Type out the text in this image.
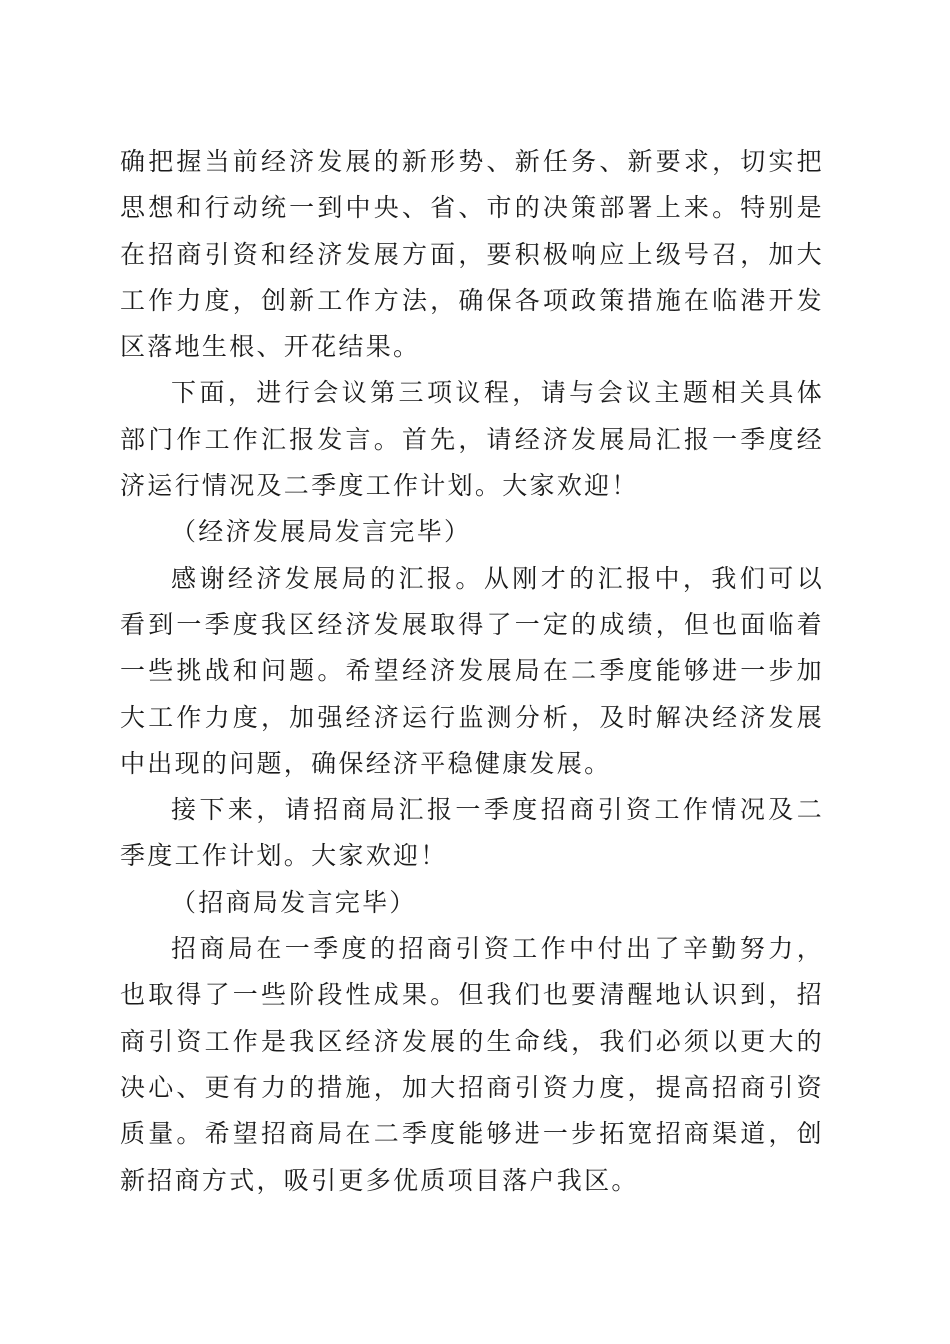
确把握当前经济发展的新形势、新任务、新要求，切实把思想和行动统一到中央、省、市的决策部署上来。特别是在招商引资和经济发展方面，要积极响应上级号召，加大工作力度，创新工作方法，确保各项政策措施在临港开发区落地生根、开花结果。

下面，进行会议第三项议程，请与会议主题相关具体部门作工作汇报发言。首先，请经济发展局汇报一季度经济运行情况及二季度工作计划。大家欢迎！

（经济发展局发言完毕）

感谢经济发展局的汇报。从刚才的汇报中，我们可以看到一季度我区经济发展取得了一定的成绩，但也面临着一些挑战和问题。希望经济发展局在二季度能够进一步加大工作力度，加强经济运行监测分析，及时解决经济发展中出现的问题，确保经济平稳健康发展。

接下来，请招商局汇报一季度招商引资工作情况及二季度工作计划。大家欢迎！

（招商局发言完毕）

招商局在一季度的招商引资工作中付出了辛勤努力，也取得了一些阶段性成果。但我们也要清醒地认识到，招商引资工作是我区经济发展的生命线，我们必须以更大的决心、更有力的措施，加大招商引资力度，提高招商引资质量。希望招商局在二季度能够进一步拓宽招商渠道，创新招商方式，吸引更多优质项目落户我区。
